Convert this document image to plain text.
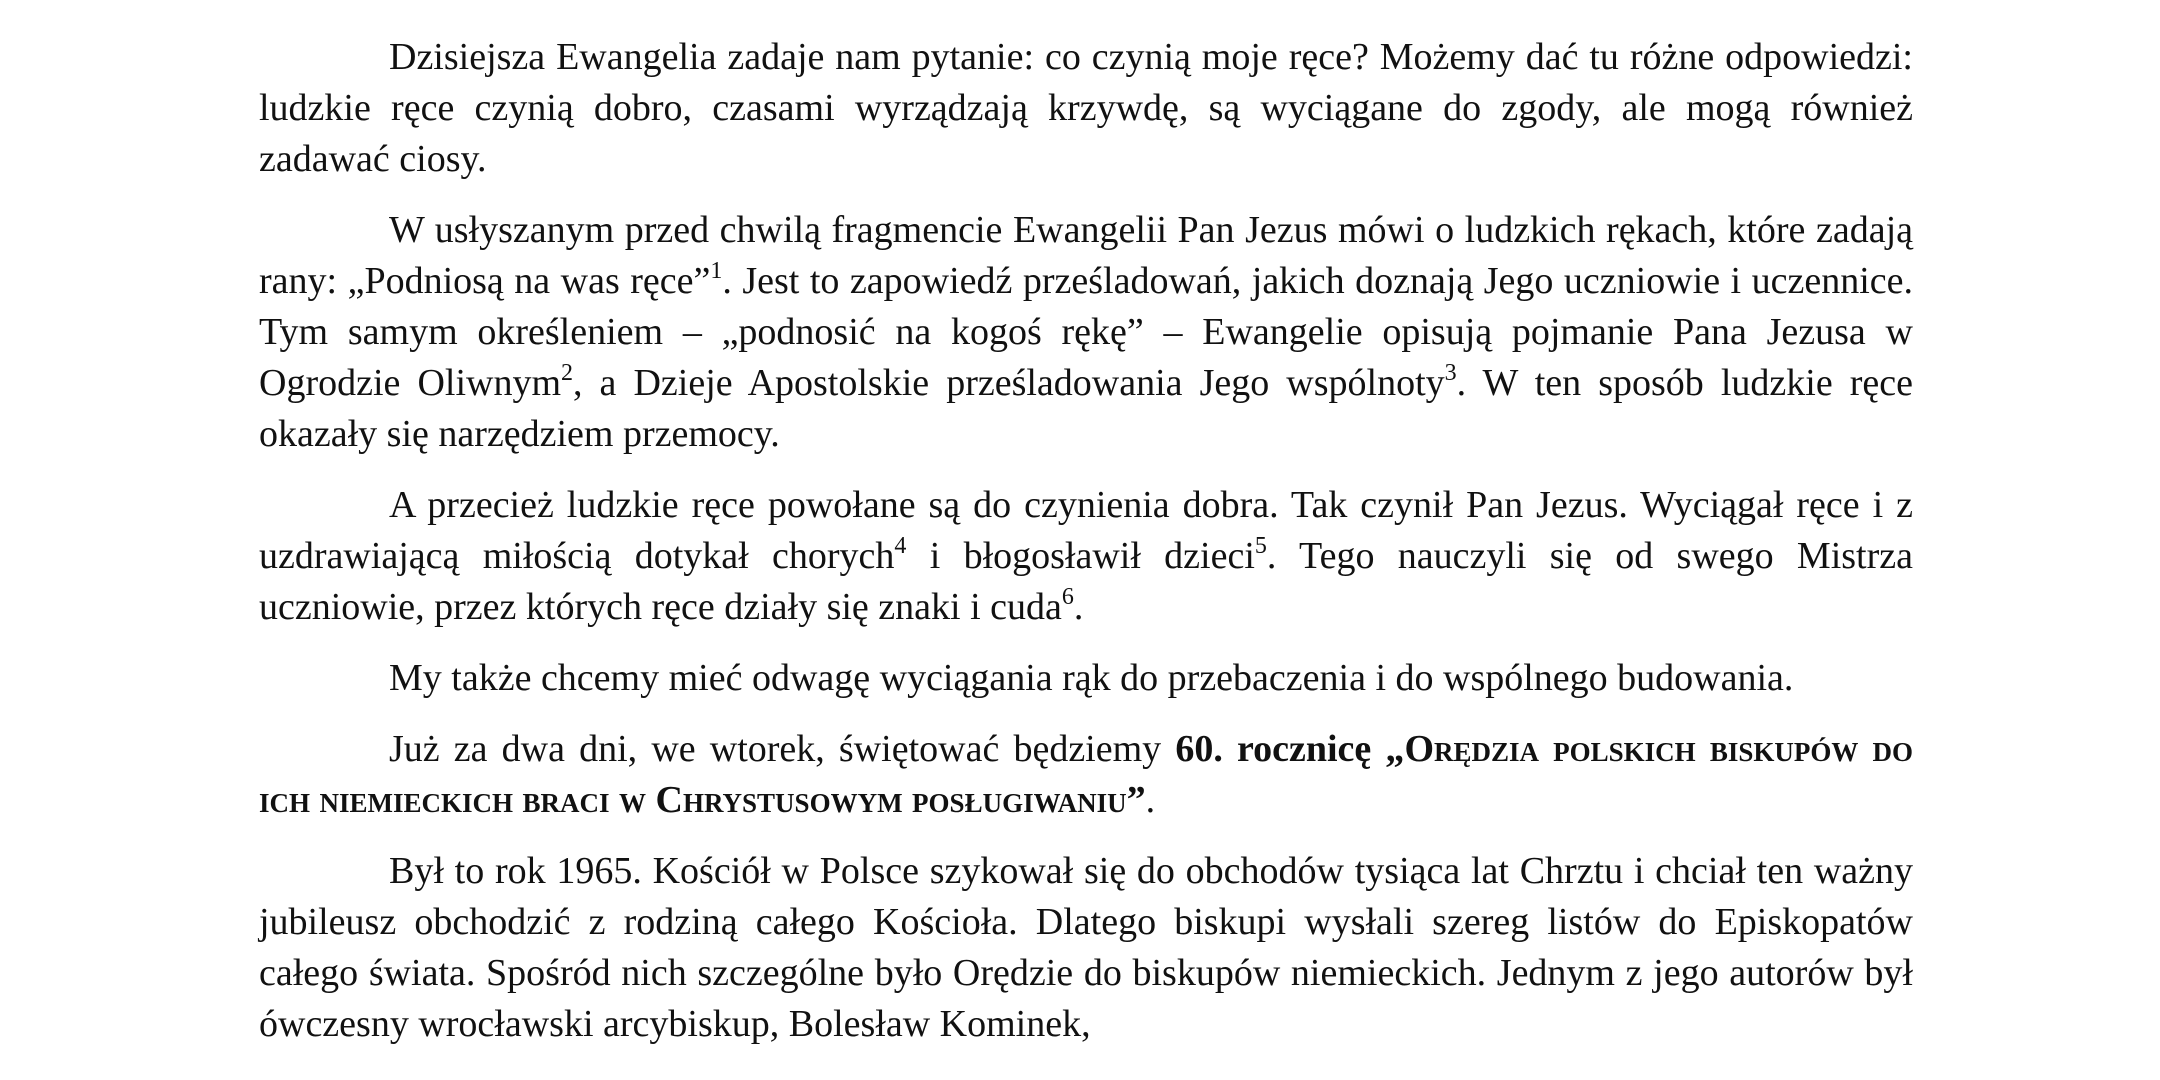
Dzisiejsza Ewangelia zadaje nam pytanie: co czynią moje ręce? Możemy dać tu różne odpowiedzi: ludzkie ręce czynią dobro, czasami wyrządzają krzywdę, są wyciągane do zgody, ale mogą również zadawać ciosy.

W usłyszanym przed chwilą fragmencie Ewangelii Pan Jezus mówi o ludzkich rękach, które zadają rany: „Podniosą na was ręce”$^1$. Jest to zapowiedź prześladowań, jakich doznają Jego uczniowie i uczennice. Tym samym określeniem – „podnosić na kogoś rękę” – Ewangelie opisują pojmanie Pana Jezusa w Ogrodzie Oliwnym$^2$, a Dzieje Apostolskie prześladowania Jego wspólnoty$^3$. W ten sposób ludzkie ręce okazały się narzędziem przemocy.

A przecież ludzkie ręce powołane są do czynienia dobra. Tak czynił Pan Jezus. Wyciągał ręce i z uzdrawiającą miłością dotykał chorych$^4$ i błogosławił dzieci$^5$. Tego nauczyli się od swego Mistrza uczniowie, przez których ręce działy się znaki i cuda$^6$.

My także chcemy mieć odwagę wyciągania rąk do przebaczenia i do wspólnego budowania.

Już za dwa dni, we wtorek, świętować będziemy 60. rocznicę „Orędzia polskich biskupów do ich niemieckich braci w Chrystusowym posługiwaniu”.

Był to rok 1965. Kościół w Polsce szykował się do obchodów tysiąca lat Chrztu i chciał ten ważny jubileusz obchodzić z rodziną całego Kościoła. Dlatego biskupi wysłali szereg listów do Episkopatów całego świata. Spośród nich szczególne było Orędzie do biskupów niemieckich. Jednym z jego autorów był ówczesny wrocławski arcybiskup, Bolesław Kominek,
